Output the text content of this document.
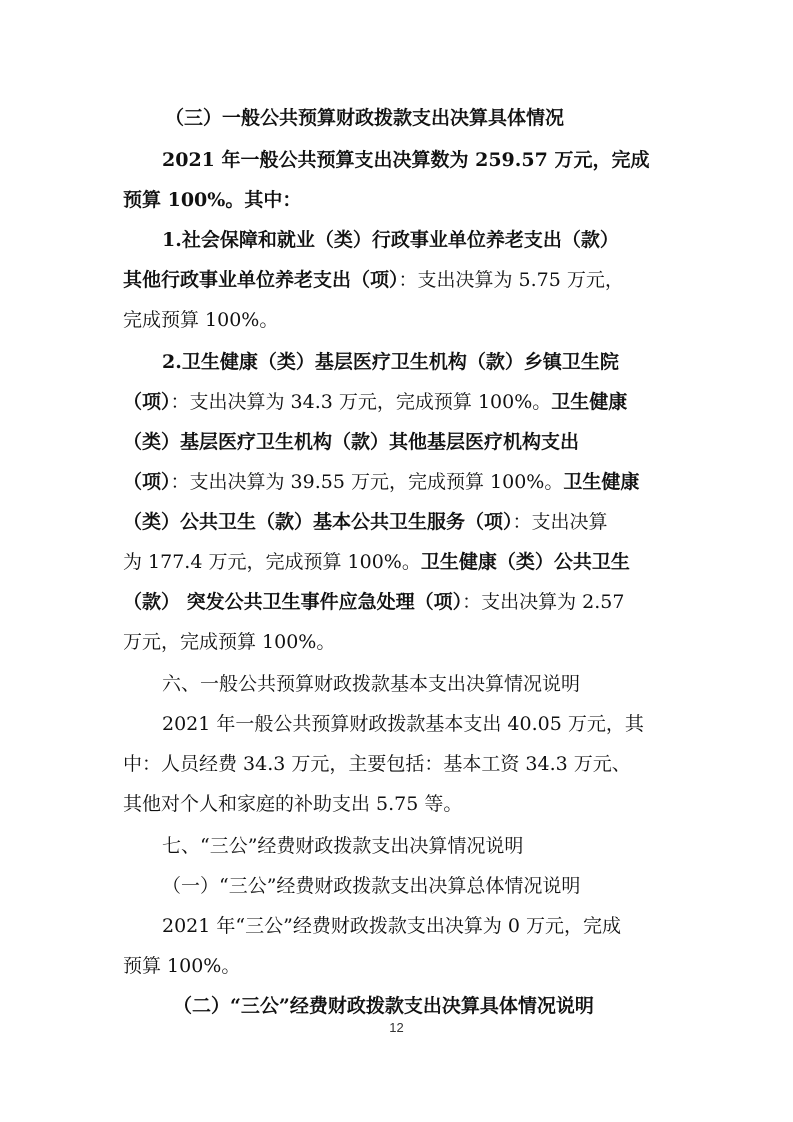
（三）一般公共预算财政拨款支出决算具体情况
2021 年一般公共预算支出决算数为 259.57 万元，完成
预算 100%。其中：
1.社会保障和就业（类）行政事业单位养老支出（款）
其他行政事业单位养老支出（项）：支出决算为 5.75 万元，
完成预算 100%。
2.卫生健康（类）基层医疗卫生机构（款）乡镇卫生院
（项）：支出决算为 34.3 万元，完成预算 100%。卫生健康
（类）基层医疗卫生机构（款）其他基层医疗机构支出
（项）：支出决算为 39.55 万元，完成预算 100%。卫生健康
（类）公共卫生（款）基本公共卫生服务（项）：支出决算
为 177.4 万元，完成预算 100%。卫生健康（类）公共卫生
（款） 突发公共卫生事件应急处理（项）：支出决算为 2.57
万元，完成预算 100%。
六、一般公共预算财政拨款基本支出决算情况说明
2021 年一般公共预算财政拨款基本支出 40.05 万元，其
中：人员经费 34.3 万元，主要包括：基本工资 34.3 万元、
其他对个人和家庭的补助支出 5.75 等。
七、“三公”经费财政拨款支出决算情况说明
（一）“三公”经费财政拨款支出决算总体情况说明
2021 年“三公”经费财政拨款支出决算为 0 万元，完成
预算 100%。
（二）“三公”经费财政拨款支出决算具体情况说明
12
